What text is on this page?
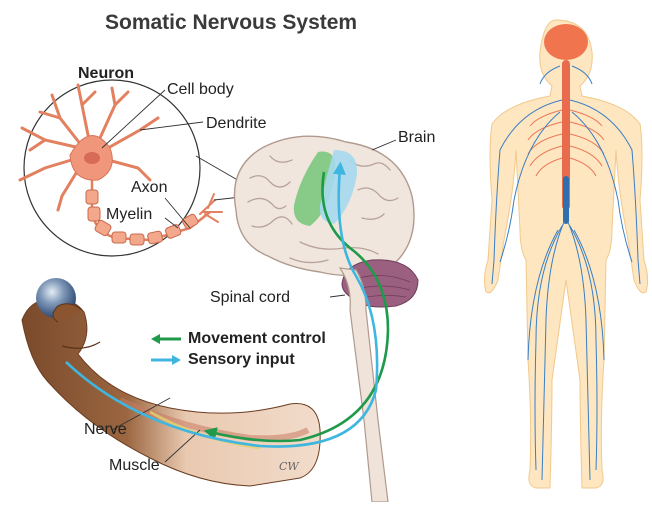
Somatic Nervous System
Neuron
Cell body
Dendrite
Axon
Myelin
Brain
Spinal cord
Nerve
Muscle
Movement control
Sensory input
CW
